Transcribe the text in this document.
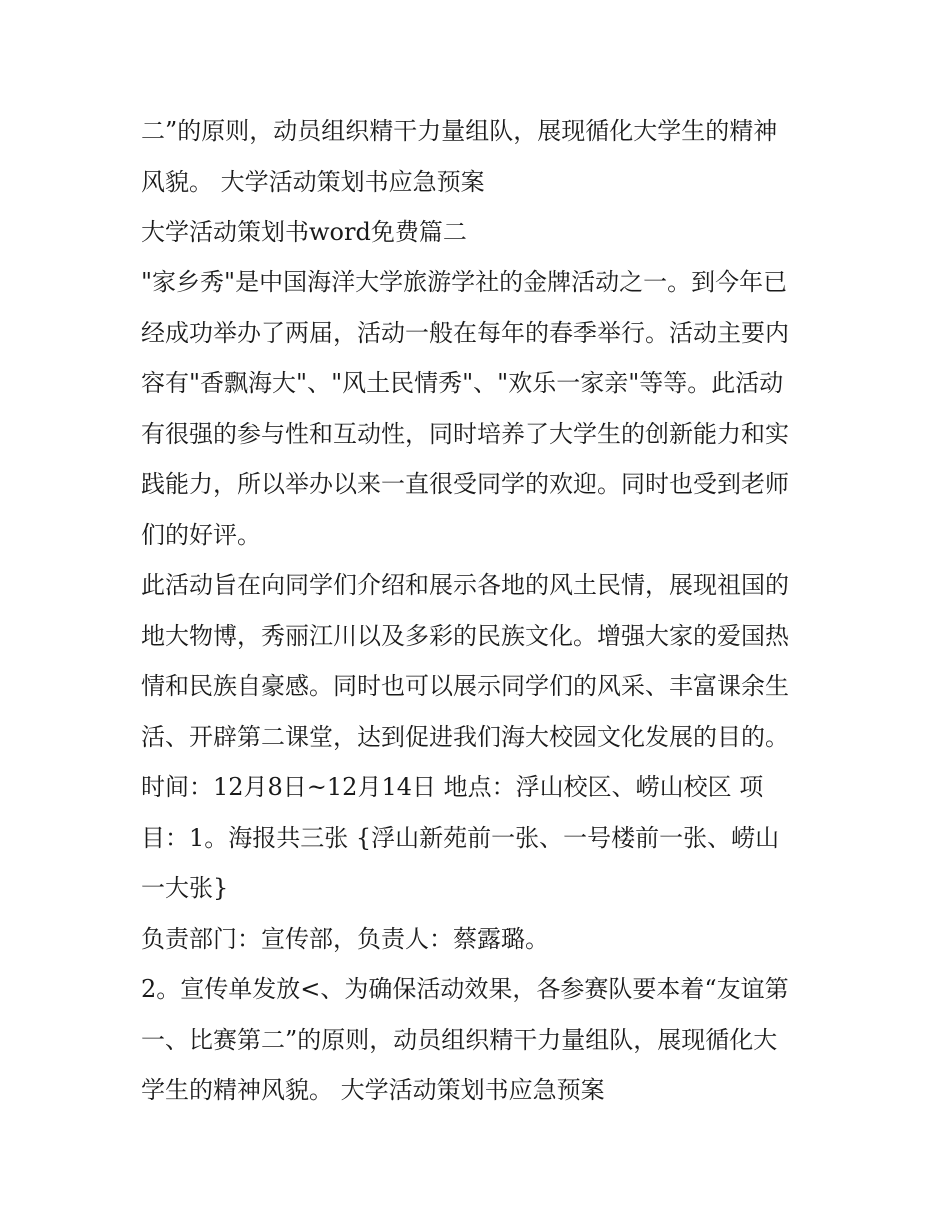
二”的原则，动员组织精干力量组队，展现循化大学生的精神

风貌。 大学活动策划书应急预案

大学活动策划书word免费篇二

"家乡秀"是中国海洋大学旅游学社的金牌活动之一。到今年已

经成功举办了两届，活动一般在每年的春季举行。活动主要内

容有"香飘海大"、"风土民情秀"、"欢乐一家亲"等等。此活动

有很强的参与性和互动性，同时培养了大学生的创新能力和实

践能力，所以举办以来一直很受同学的欢迎。同时也受到老师

们的好评。

此活动旨在向同学们介绍和展示各地的风土民情，展现祖国的

地大物博，秀丽江川以及多彩的民族文化。增强大家的爱国热

情和民族自豪感。同时也可以展示同学们的风采、丰富课余生

活、开辟第二课堂，达到促进我们海大校园文化发展的目的。

时间：12月8日~12月14日 地点：浮山校区、崂山校区 项

目：1。海报共三张 {浮山新苑前一张、一号楼前一张、崂山

一大张}

负责部门：宣传部，负责人：蔡露璐。

2。宣传单发放<、为确保活动效果，各参赛队要本着“友谊第

一、比赛第二”的原则，动员组织精干力量组队，展现循化大

学生的精神风貌。 大学活动策划书应急预案
